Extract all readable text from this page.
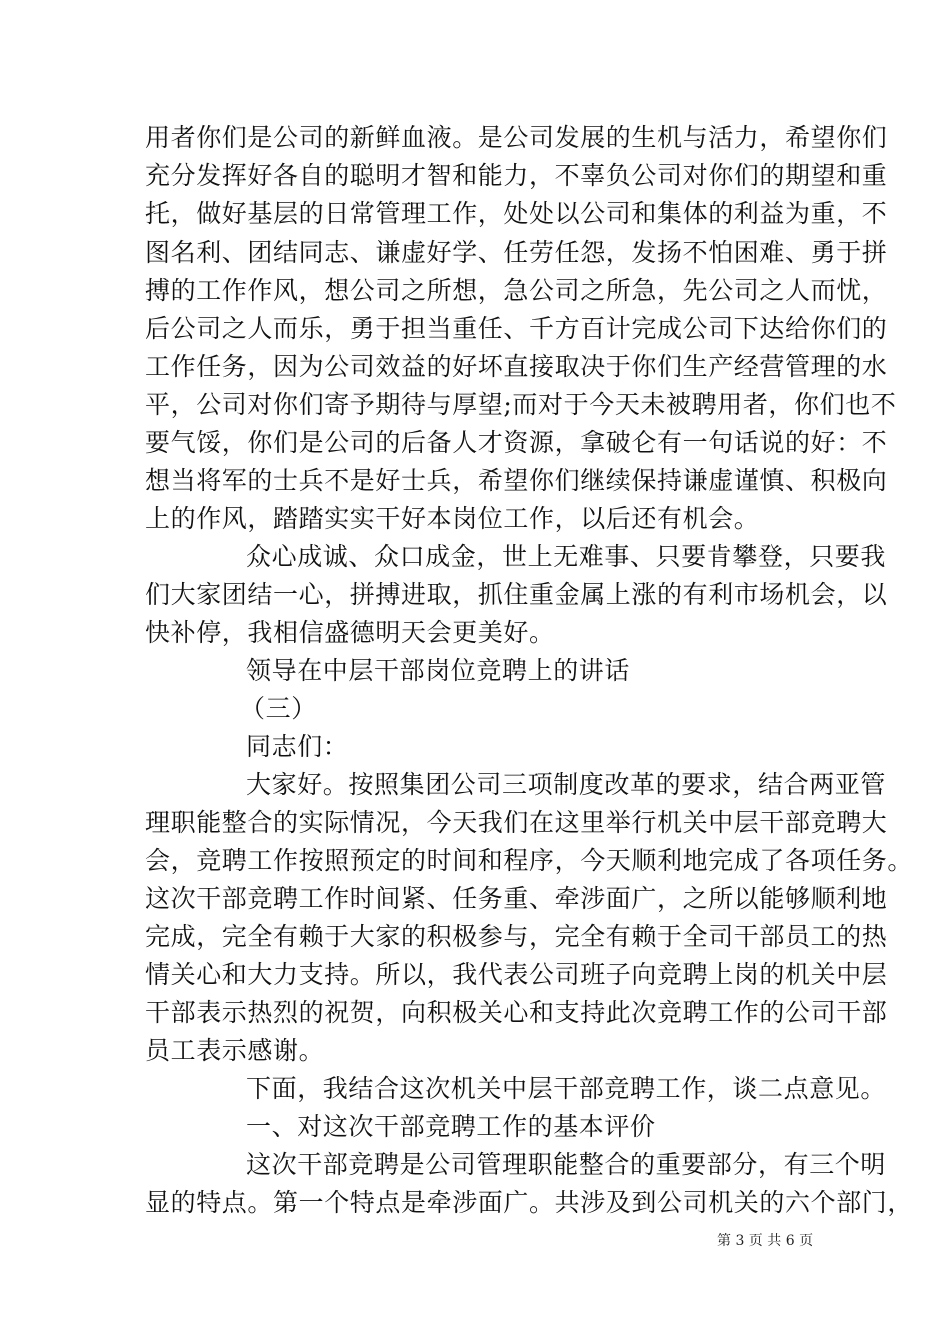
用者你们是公司的新鲜血液。是公司发展的生机与活力，希望你们
充分发挥好各自的聪明才智和能力，不辜负公司对你们的期望和重
托，做好基层的日常管理工作，处处以公司和集体的利益为重，不
图名利、团结同志、谦虚好学、任劳任怨，发扬不怕困难、勇于拼
搏的工作作风，想公司之所想，急公司之所急，先公司之人而忧，
后公司之人而乐，勇于担当重任、千方百计完成公司下达给你们的
工作任务，因为公司效益的好坏直接取决于你们生产经营管理的水
平，公司对你们寄予期待与厚望;而对于今天未被聘用者，你们也不
要气馁，你们是公司的后备人才资源，拿破仑有一句话说的好：不
想当将军的士兵不是好士兵，希望你们继续保持谦虚谨慎、积极向
上的作风，踏踏实实干好本岗位工作，以后还有机会。
众心成诚、众口成金，世上无难事、只要肯攀登，只要我
们大家团结一心，拼搏进取，抓住重金属上涨的有利市场机会，以
快补停，我相信盛德明天会更美好。
领导在中层干部岗位竞聘上的讲话
（三）
同志们：
大家好。按照集团公司三项制度改革的要求，结合两亚管
理职能整合的实际情况，今天我们在这里举行机关中层干部竞聘大
会，竞聘工作按照预定的时间和程序，今天顺利地完成了各项任务。
这次干部竞聘工作时间紧、任务重、牵涉面广，之所以能够顺利地
完成，完全有赖于大家的积极参与，完全有赖于全司干部员工的热
情关心和大力支持。所以，我代表公司班子向竞聘上岗的机关中层
干部表示热烈的祝贺，向积极关心和支持此次竞聘工作的公司干部
员工表示感谢。
下面，我结合这次机关中层干部竞聘工作，谈二点意见。
一、对这次干部竞聘工作的基本评价
这次干部竞聘是公司管理职能整合的重要部分，有三个明
显的特点。第一个特点是牵涉面广。共涉及到公司机关的六个部门，
第 3 页 共 6 页
